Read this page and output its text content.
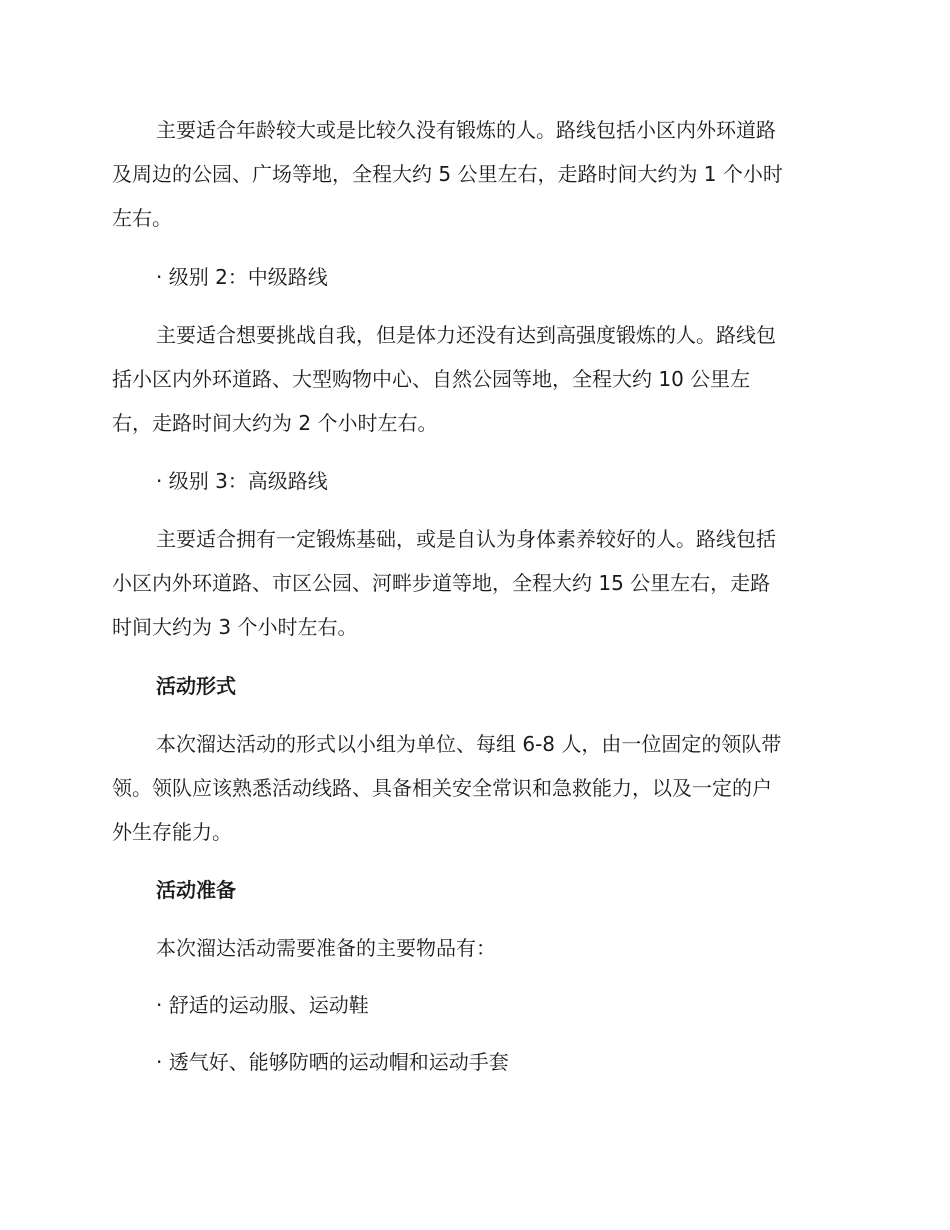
主要适合年龄较大或是比较久没有锻炼的人。路线包括小区内外环道路

及周边的公园、广场等地，全程大约 5 公里左右，走路时间大约为 1 个小时

左右。

· 级别 2：中级路线

主要适合想要挑战自我，但是体力还没有达到高强度锻炼的人。路线包

括小区内外环道路、大型购物中心、自然公园等地，全程大约 10 公里左

右，走路时间大约为 2 个小时左右。

· 级别 3：高级路线

主要适合拥有一定锻炼基础，或是自认为身体素养较好的人。路线包括

小区内外环道路、市区公园、河畔步道等地，全程大约 15 公里左右，走路

时间大约为 3 个小时左右。

活动形式

本次溜达活动的形式以小组为单位、每组 6-8 人，由一位固定的领队带

领。领队应该熟悉活动线路、具备相关安全常识和急救能力，以及一定的户

外生存能力。

活动准备

本次溜达活动需要准备的主要物品有：

· 舒适的运动服、运动鞋

· 透气好、能够防晒的运动帽和运动手套
